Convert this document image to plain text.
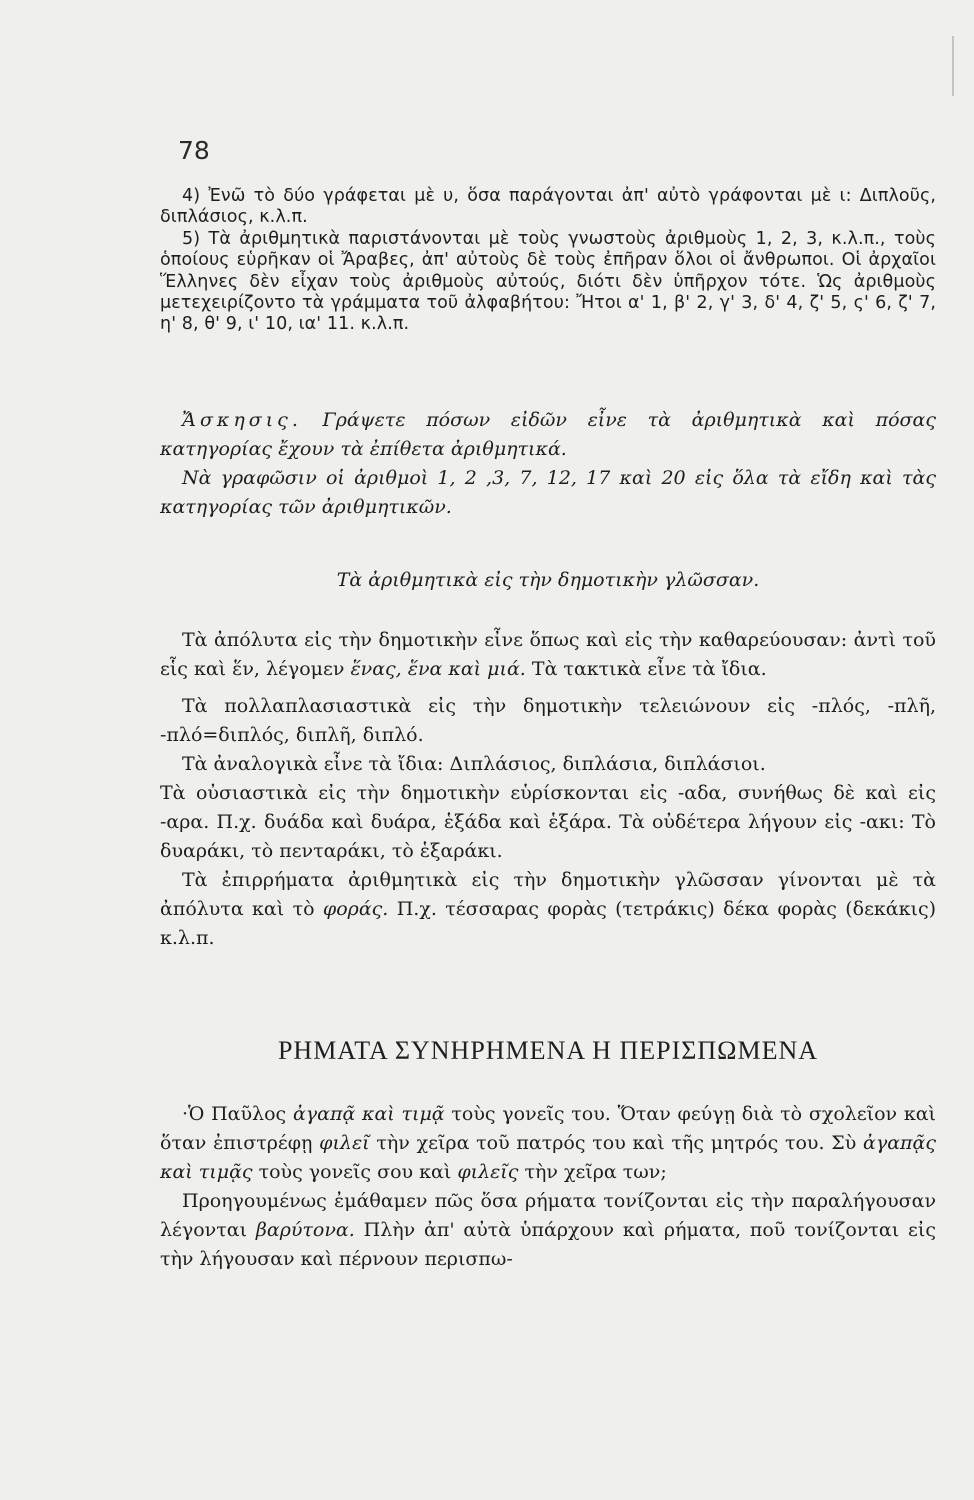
78

4) Ἐνῶ τὸ δύο γράφεται μὲ υ, ὅσα παράγονται ἀπ' αὐτὸ γράφονται μὲ ι: Διπλοῦς, διπλάσιος, κ.λ.π.

5) Τὰ ἀριθμητικὰ παριστάνονται μὲ τοὺς γνωστοὺς ἀριθμοὺς 1, 2, 3, κ.λ.π., τοὺς ὁποίους εὑρῆκαν οἱ Ἄραβες, ἀπ' αὐτοὺς δὲ τοὺς ἐπῆραν ὅλοι οἱ ἄνθρωποι. Οἱ ἀρχαῖοι Ἕλληνες δὲν εἶχαν τοὺς ἀριθμοὺς αὐτούς, διότι δὲν ὑπῆρχον τότε. Ὡς ἀριθμοὺς μετεχειρίζοντο τὰ γράμματα τοῦ ἀλφαβήτου: Ἤτοι α' 1, β' 2, γ' 3, δ' 4, ζ' 5, ς' 6, ζ' 7, η' 8, θ' 9, ι' 10, ια' 11. κ.λ.π.

Ἄσκησις. Γράψετε πόσων εἰδῶν εἶνε τὰ ἀριθμητικὰ καὶ πόσας κατηγορίας ἔχουν τὰ ἐπίθετα ἀριθμητικά.

Νὰ γραφῶσιν οἱ ἀριθμοὶ 1, 2 ,3, 7, 12, 17 καὶ 20 εἰς ὅλα τὰ εἴδη καὶ τὰς κατηγορίας τῶν ἀριθμητικῶν.

Τὰ ἀριθμητικὰ εἰς τὴν δημοτικὴν γλῶσσαν.

Τὰ ἀπόλυτα εἰς τὴν δημοτικὴν εἶνε ὅπως καὶ εἰς τὴν καθαρεύουσαν: ἀντὶ τοῦ εἷς καὶ ἕν, λέγομεν ἕνας, ἕνα καὶ μιά. Τὰ τακτικὰ εἶνε τὰ ἴδια.

Τὰ πολλαπλασιαστικὰ εἰς τὴν δημοτικὴν τελειώνουν εἰς -πλός, -πλῆ, -πλό=διπλός, διπλῆ, διπλό.

Τὰ ἀναλογικὰ εἶνε τὰ ἴδια: Διπλάσιος, διπλάσια, διπλάσιοι.

Τὰ οὐσιαστικὰ εἰς τὴν δημοτικὴν εὑρίσκονται εἰς -αδα, συνήθως δὲ καὶ εἰς -αρα. Π.χ. δυάδα καὶ δυάρα, ἑξάδα καὶ ἑξάρα. Τὰ οὐδέτερα λήγουν εἰς -ακι: Τὸ δυαράκι, τὸ πενταράκι, τὸ ἑξαράκι.

Τὰ ἐπιρρήματα ἀριθμητικὰ εἰς τὴν δημοτικὴν γλῶσσαν γίνονται μὲ τὰ ἀπόλυτα καὶ τὸ φοράς. Π.χ. τέσσαρας φορὰς (τετράκις) δέκα φορὰς (δεκάκις) κ.λ.π.

ΡΗΜΑΤΑ ΣΥΝΗΡΗΜΕΝΑ Η ΠΕΡΙΣΠΩΜΕΝΑ

·Ὁ Παῦλος ἀγαπᾷ καὶ τιμᾷ τοὺς γονεῖς του. Ὅταν φεύγῃ διὰ τὸ σχολεῖον καὶ ὅταν ἐπιστρέφῃ φιλεῖ τὴν χεῖρα τοῦ πατρός του καὶ τῆς μητρός του. Σὺ ἀγαπᾷς καὶ τιμᾷς τοὺς γονεῖς σου καὶ φιλεῖς τὴν χεῖρα των;

Προηγουμένως ἐμάθαμεν πῶς ὅσα ρήματα τονίζονται εἰς τὴν παραλήγουσαν λέγονται βαρύτονα. Πλὴν ἀπ' αὐτὰ ὑπάρχουν καὶ ρήματα, ποῦ τονίζονται εἰς τὴν λήγουσαν καὶ πέρνουν περισπω-
